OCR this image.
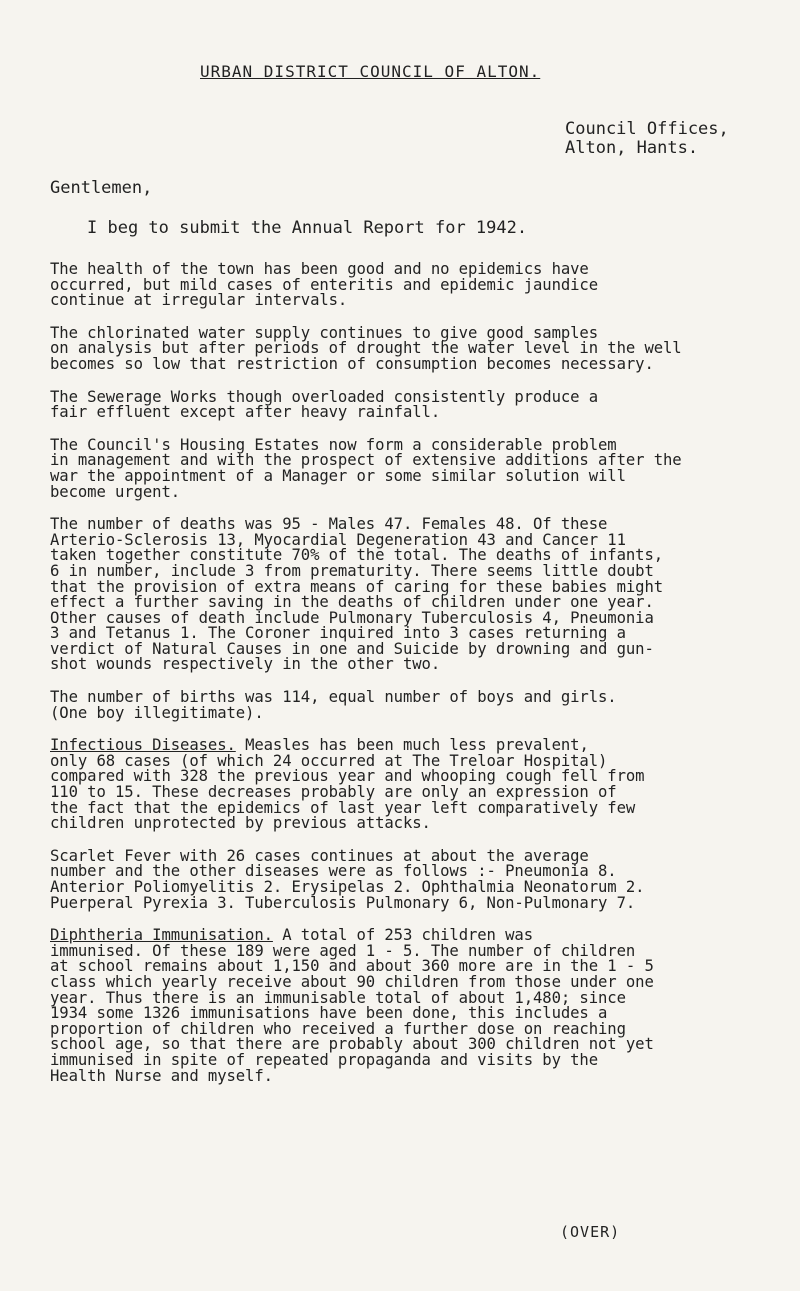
URBAN DISTRICT COUNCIL OF ALTON.
Council Offices,
Alton, Hants.
Gentlemen,
I beg to submit the Annual Report for 1942.

The health of the town has been good and no epidemics have
occurred, but mild cases of enteritis and epidemic jaundice
continue at irregular intervals.

The chlorinated water supply continues to give good samples
on analysis but after periods of drought the water level in the well
becomes so low that restriction of consumption becomes necessary.

The Sewerage Works though overloaded consistently produce a
fair effluent except after heavy rainfall.

The Council's Housing Estates now form a considerable problem
in management and with the prospect of extensive additions after the
war the appointment of a Manager or some similar solution will
become urgent.

The number of deaths was 95 - Males 47. Females 48. Of these
Arterio-Sclerosis 13, Myocardial Degeneration 43 and Cancer 11
taken together constitute 70% of the total. The deaths of infants,
6 in number, include 3 from prematurity. There seems little doubt
that the provision of extra means of caring for these babies might
effect a further saving in the deaths of children under one year.
Other causes of death include Pulmonary Tuberculosis 4, Pneumonia
3 and Tetanus 1. The Coroner inquired into 3 cases returning a
verdict of Natural Causes in one and Suicide by drowning and gun-
shot wounds respectively in the other two.

The number of births was 114, equal number of boys and girls.
(One boy illegitimate).

Infectious Diseases. Measles has been much less prevalent,
only 68 cases (of which 24 occurred at The Treloar Hospital)
compared with 328 the previous year and whooping cough fell from
110 to 15. These decreases probably are only an expression of
the fact that the epidemics of last year left comparatively few
children unprotected by previous attacks.

Scarlet Fever with 26 cases continues at about the average
number and the other diseases were as follows :- Pneumonia 8.
Anterior Poliomyelitis 2. Erysipelas 2. Ophthalmia Neonatorum 2.
Puerperal Pyrexia 3. Tuberculosis Pulmonary 6, Non-Pulmonary 7.

Diphtheria Immunisation. A total of 253 children was
immunised. Of these 189 were aged 1 - 5. The number of children
at school remains about 1,150 and about 360 more are in the 1 - 5
class which yearly receive about 90 children from those under one
year. Thus there is an immunisable total of about 1,480; since
1934 some 1326 immunisations have been done, this includes a
proportion of children who received a further dose on reaching
school age, so that there are probably about 300 children not yet
immunised in spite of repeated propaganda and visits by the
Health Nurse and myself.

(OVER)
